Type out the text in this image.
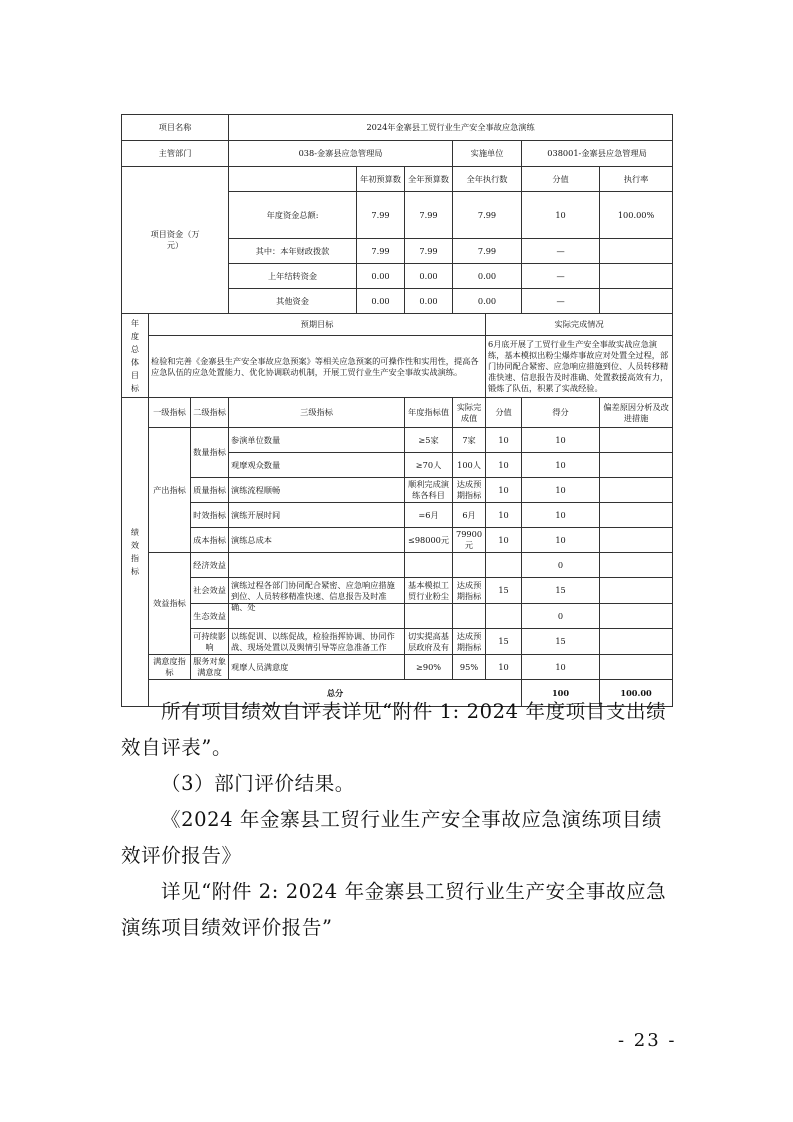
项目名称			2024年金寨县工贸行业生产安全事故应急演练							
主管部门			038-金寨县应急管理局			实施单位		038001-金寨县应急管理局		

项目资金（万元）				年初预算数	全年预算数	全年执行数		分值	执行率	
			年度资金总额:	7.99	7.99	7.99		10	100.00%	
			其中：本年财政拨款	7.99	7.99	7.99		—		
			上年结转资金	0.00	0.00	0.00		—		
			其他资金	0.00	0.00	0.00		—		

年度总体目标	预期目标						实际完成情况			
	检验和完善《金寨县生产安全事故应急预案》等相关应急预案的可操作性和实用性，提高各应急队伍的应急处置能力、优化协调联动机制，开展工贸行业生产安全事故实战演练。						6月底开展了工贸行业生产安全事故实战应急演练，基本模拟出粉尘爆炸事故应对处置全过程，部门协同配合紧密、应急响应措施到位、人员转移精准快速、信息报告及时准确、处置救援高效有力，锻炼了队伍，积累了实战经验。			

绩效指标	一级指标	二级指标	三级指标		年度指标值	实际完成值	分值	得分	偏差原因分析及改进措施	
	产出指标	数量指标	参演单位数量		≥5家	7家	10	10		
			观摩观众数量		≥70人	100人	10	10		
		质量指标	演练流程顺畅		顺利完成演练各科目	达成预期指标	10	10		
		时效指标	演练开展时间		=6月	6月	10	10		
		成本指标	演练总成本		≤98000元	79900元	10	10		
	效益指标	经济效益						0		
		社会效益	演练过程各部门协同配合紧密、应急响应措施到位、人员转移精准快速、信息报告及时准确、处		基本模拟工贸行业粉尘	达成预期指标	15	15		
		生态效益						0		
		可持续影响	以练促训、以练促战，检验指挥协调、协同作战、现场处置以及舆情引导等应急准备工作		切实提高基层政府及有	达成预期指标	15	15		
	满意度指标	服务对象满意度	观摩人员满意度		≥90%	95%	10	10		
	总分							100	100.00	

所有项目绩效自评表详见“附件 1: 2024 年度项目支出绩效自评表”。

（3）部门评价结果。

《2024 年金寨县工贸行业生产安全事故应急演练项目绩效评价报告》

详见“附件 2: 2024 年金寨县工贸行业生产安全事故应急演练项目绩效评价报告”

- 23 -
